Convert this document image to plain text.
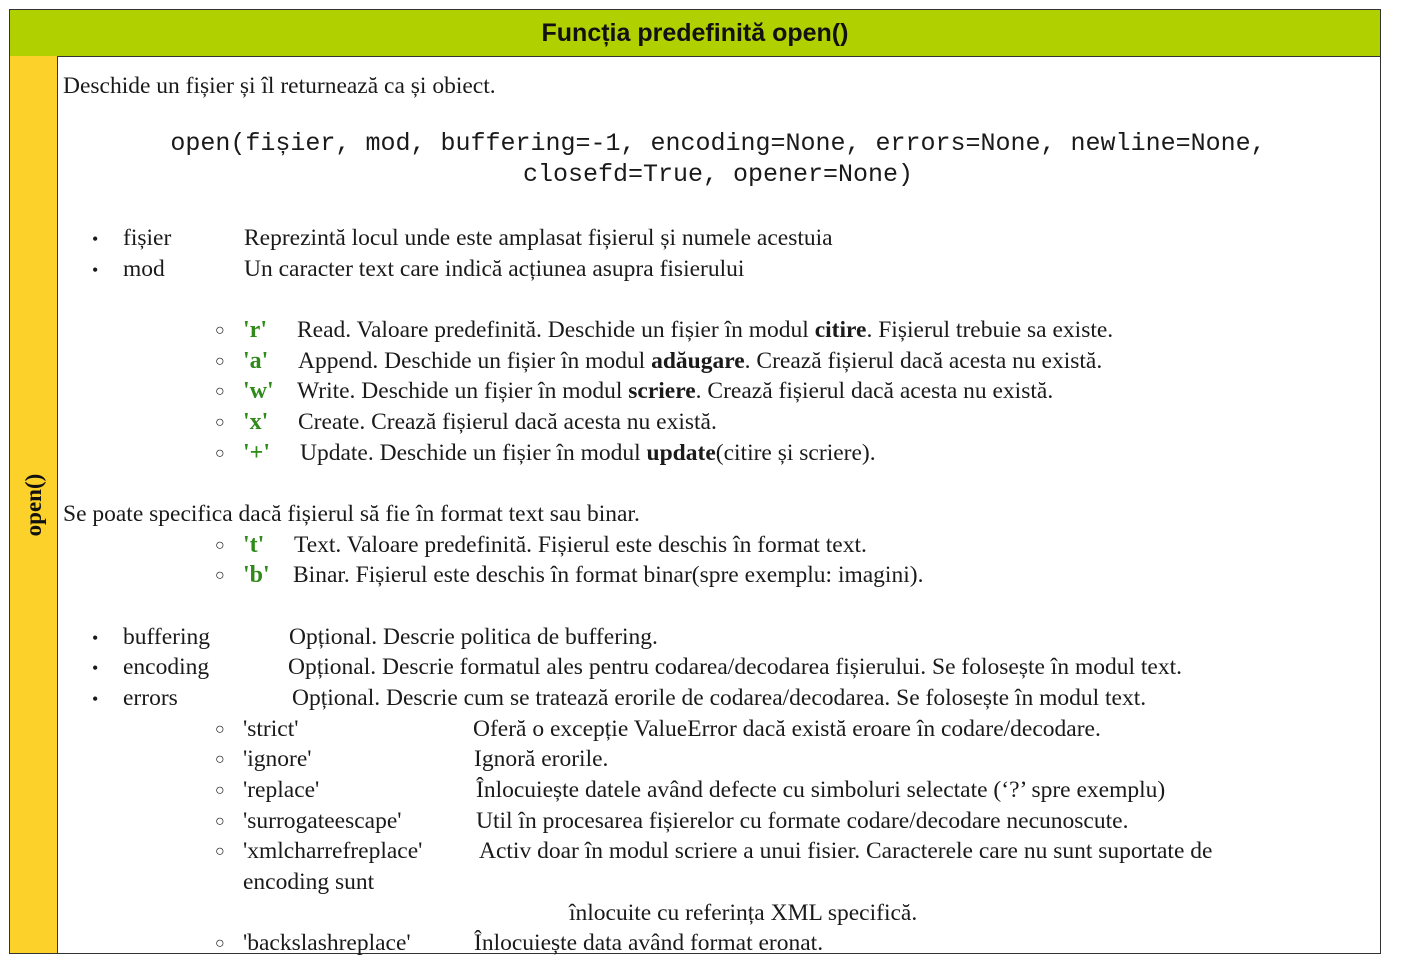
Funcția predefinită open()
open()
Deschide un fișier și îl returnează ca și obiect.
open(fișier, mod, buffering=-1, encoding=None, errors=None, newline=None,
closefd=True, opener=None)
• fișier	Reprezintă locul unde este amplasat fișierul și numele acestuia
• mod	Un caracter text care indică acțiunea asupra fisierului
○ 'r' Read. Valoare predefinită. Deschide un fișier în modul citire. Fișierul trebuie sa existe.
○ 'a' Append. Deschide un fișier în modul adăugare. Crează fișierul dacă acesta nu există.
○ 'w' Write. Deschide un fișier în modul scriere. Crează fișierul dacă acesta nu există.
○ 'x' Create. Crează fișierul dacă acesta nu există.
○ '+' Update. Deschide un fișier în modul update(citire și scriere).
Se poate specifica dacă fișierul să fie în format text sau binar.
○ 't' Text. Valoare predefinită. Fișierul este deschis în format text.
○ 'b' Binar. Fișierul este deschis în format binar(spre exemplu: imagini).
• buffering	Opțional. Descrie politica de buffering.
• encoding	Opțional. Descrie formatul ales pentru codarea/decodarea fișierului. Se folosește în modul text.
• errors	Opțional. Descrie cum se tratează erorile de codarea/decodarea. Se folosește în modul text.
○ 'strict'	Oferă o excepție ValueError dacă există eroare în codare/decodare.
○ 'ignore'	Ignoră erorile.
○ 'replace'	Înlocuiește datele având defecte cu simboluri selectate (‘?’ spre exemplu)
○ 'surrogateescape'	Util în procesarea fișierelor cu formate codare/decodare necunoscute.
○ 'xmlcharrefreplace' Activ doar în modul scriere a unui fisier. Caracterele care nu sunt suportate de
encoding sunt
înlocuite cu referința XML specifică.
○ 'backslashreplace'	Înlocuiește data având format eronat.
